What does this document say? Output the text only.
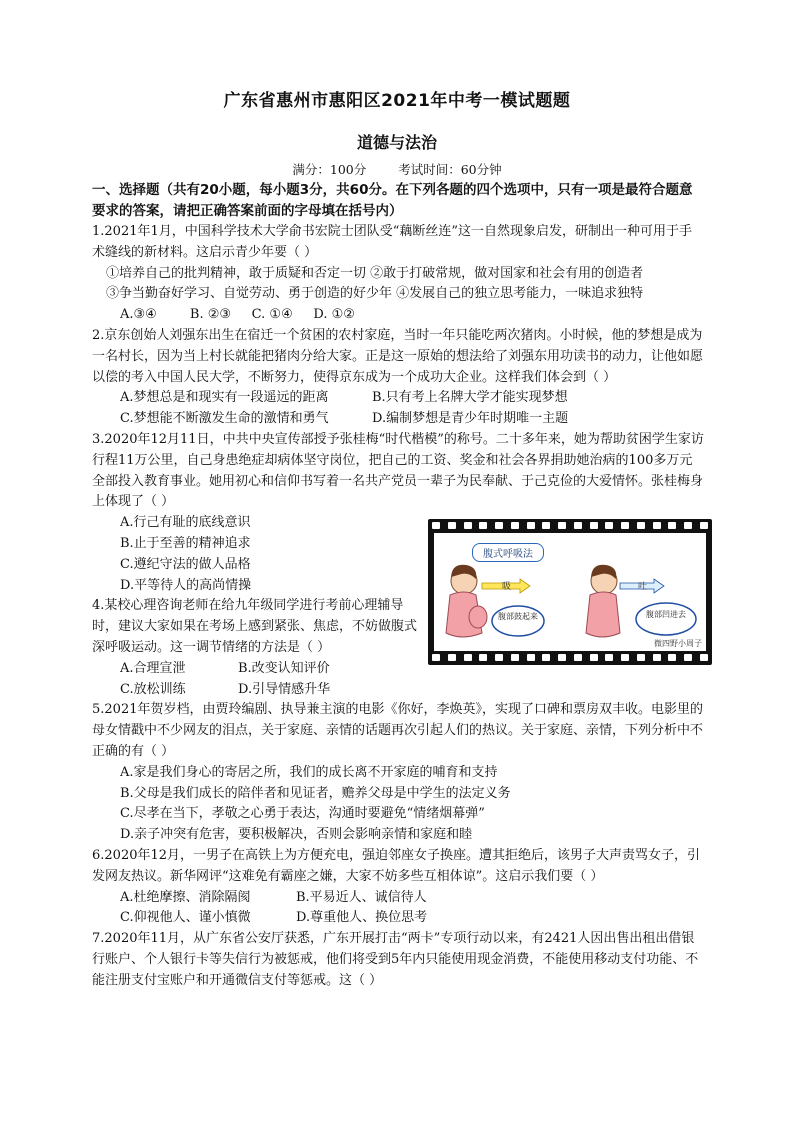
广东省惠州市惠阳区2021年中考一模试题题
道德与法治
满分：100分	考试时间：60分钟
一、选择题（共有20小题，每小题3分，共60分。在下列各题的四个选项中，只有一项是最符合题意要求的答案，请把正确答案前面的字母填在括号内）
1.2021年1月，中国科学技术大学俞书宏院士团队受“藕断丝连”这一自然现象启发，研制出一种可用于手术缝线的新材料。这启示青少年要（ ）
①培养自己的批判精神，敢于质疑和否定一切 ②敢于打破常规，做对国家和社会有用的创造者
③争当勤奋好学习、自觉劳动、勇于创造的好少年 ④发展自己的独立思考能力，一味追求独特
A.③④        B. ②③     C. ①④     D. ①②
2.京东创始人刘强东出生在宿迁一个贫困的农村家庭，当时一年只能吃两次猪肉。小时候，他的梦想是成为一名村长，因为当上村长就能把猪肉分给大家。正是这一原始的想法给了刘强东用功读书的动力，让他如愿以偿的考入中国人民大学，不断努力，使得京东成为一个成功大企业。这样我们体会到（ ）
A.梦想总是和现实有一段遥远的距离	B.只有考上名牌大学才能实现梦想
C.梦想能不断激发生命的激情和勇气	D.编制梦想是青少年时期唯一主题
3.2020年12月11日，中共中央宣传部授予张桂梅“时代楷模”的称号。二十多年来，她为帮助贫困学生家访行程11万公里，自己身患绝症却病体坚守岗位，把自己的工资、奖金和社会各界捐助她治病的100多万元全部投入教育事业。她用初心和信仰书写着一名共产党员一辈子为民奉献、于己克俭的大爱情怀。张桂梅身上体现了（ ）
A.行己有耻的底线意识
B.止于至善的精神追求
C.遵纪守法的做人品格
D.平等待人的高尚情操
4.某校心理咨询老师在给九年级同学进行考前心理辅导时，建议大家如果在考场上感到紧张、焦虑，不妨做腹式深呼吸运动。这一调节情绪的方法是（ ）
A.合理宣泄	B.改变认知评价
C.放松训练	D.引导情感升华
5.2021年贺岁档，由贾玲编剧、执导兼主演的电影《你好，李焕英》，实现了口碑和票房双丰收。电影里的母女情戳中不少网友的泪点，关于家庭、亲情的话题再次引起人们的热议。关于家庭、亲情，下列分析中不正确的有（ ）
A.家是我们身心的寄居之所，我们的成长离不开家庭的哺育和支持
B.父母是我们成长的陪伴者和见证者，赡养父母是中学生的法定义务
C.尽孝在当下，孝敬之心勇于表达，沟通时要避免“情绪烟幕弹”
D.亲子冲突有危害，要积极解决，否则会影响亲情和家庭和睦
6.2020年12月，一男子在高铁上为方便充电，强迫邻座女子换座。遭其拒绝后，该男子大声责骂女子，引发网友热议。新华网评“这难免有霸座之嫌，大家不妨多些互相体谅”。这启示我们要（ ）
A.杜绝摩擦、消除隔阂	B.平易近人、诚信待人
C.仰视他人、谨小慎微	D.尊重他人、换位思考
7.2020年11月，从广东省公安厅获悉，广东开展打击“两卡”专项行动以来，有2421人因出售出租出借银行账户、个人银行卡等失信行为被惩戒，他们将受到5年内只能使用现金消费，不能使用移动支付功能、不能注册支付宝账户和开通微信支付等惩戒。这（ ）
吸
腹部鼓起来
吐
腹部凹进去
腹式呼吸法
微四野小周子
